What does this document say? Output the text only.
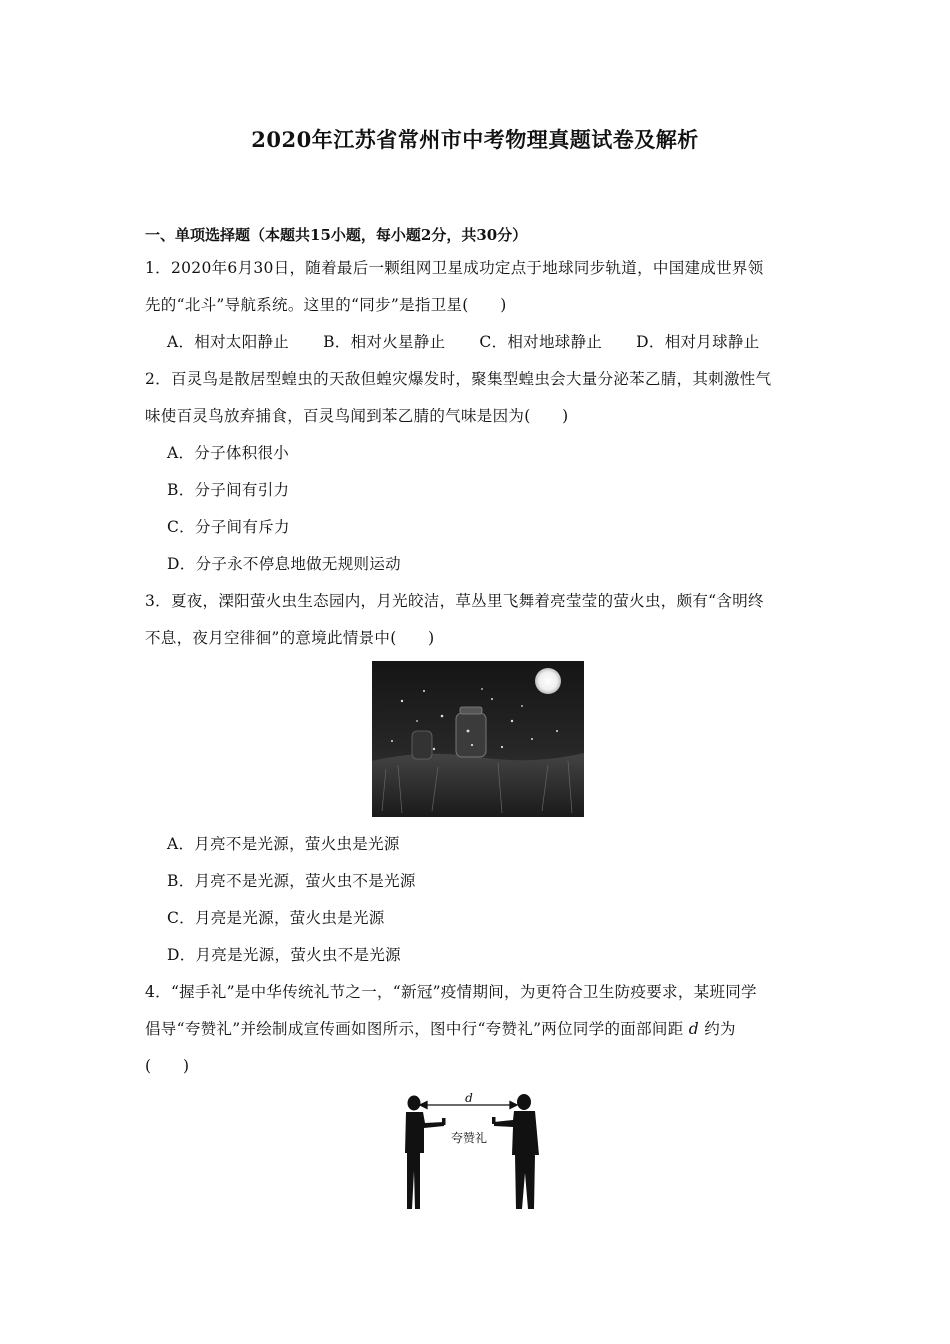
2020年江苏省常州市中考物理真题试卷及解析
一、单项选择题（本题共15小题，每小题2分，共30分）
1．2020年6月30日，随着最后一颗组网卫星成功定点于地球同步轨道，中国建成世界领
先的“北斗”导航系统。这里的“同步”是指卫星(　　)
A．相对太阳静止 B．相对火星静止 C．相对地球静止 D．相对月球静止
2．百灵鸟是散居型蝗虫的天敌但蝗灾爆发时，聚集型蝗虫会大量分泌苯乙腈，其刺激性气
味使百灵鸟放弃捕食，百灵鸟闻到苯乙腈的气味是因为(　　)
A．分子体积很小
B．分子间有引力
C．分子间有斥力
D．分子永不停息地做无规则运动
3．夏夜，溧阳萤火虫生态园内，月光皎洁，草丛里飞舞着亮莹莹的萤火虫，颇有“含明终
不息，夜月空徘徊”的意境此情景中(　　)
A．月亮不是光源，萤火虫是光源
B．月亮不是光源，萤火虫不是光源
C．月亮是光源，萤火虫是光源
D．月亮是光源，萤火虫不是光源
4．“握手礼”是中华传统礼节之一，“新冠”疫情期间，为更符合卫生防疫要求，某班同学
倡导“夸赞礼”并绘制成宣传画如图所示，图中行“夸赞礼”两位同学的面部间距 d 约为
(　　)
d
夸赞礼
